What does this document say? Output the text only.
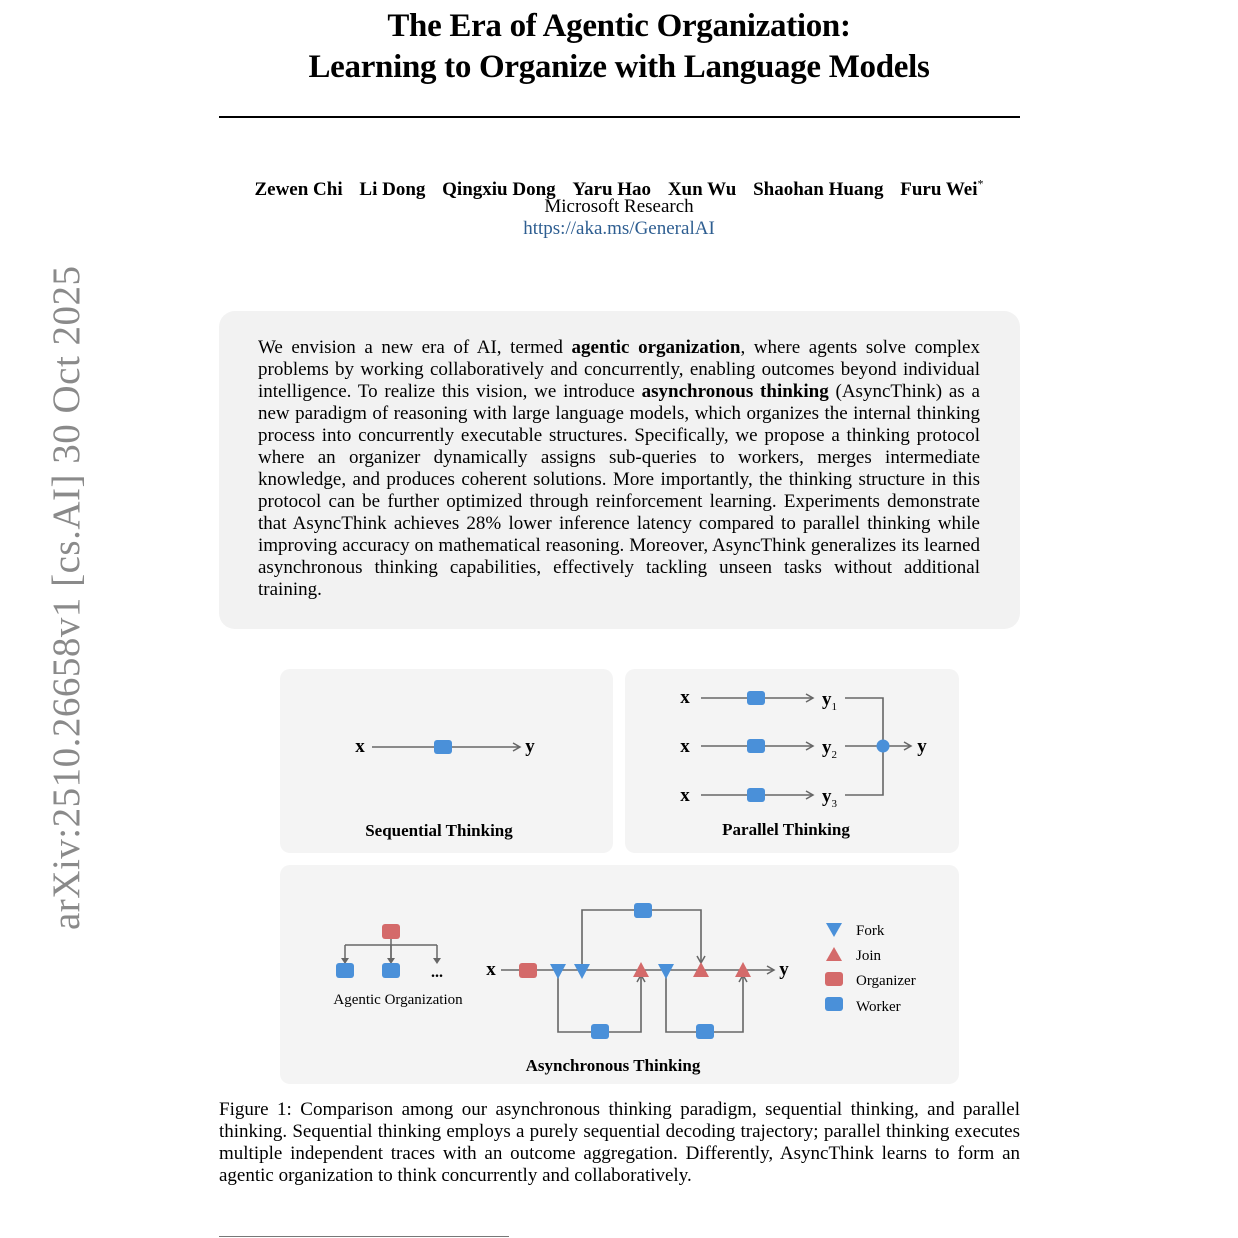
arXiv:2510.26658v1 [cs.AI] 30 Oct 2025
The Era of Agentic Organization:
Learning to Organize with Language Models
Zewen Chi Li Dong Qingxiu Dong Yaru Hao Xun Wu Shaohan Huang Furu Wei*
Microsoft Research
https://aka.ms/GeneralAI

We envision a new era of AI, termed agentic organization, where agents solve complex problems by working collaboratively and concurrently, enabling outcomes beyond individual intelligence. To realize this vision, we introduce asynchronous thinking (AsyncThink) as a new paradigm of reasoning with large language models, which organizes the internal thinking process into concurrently executable structures. Specifically, we propose a thinking protocol where an organizer dynamically assigns sub-queries to workers, merges intermediate knowledge, and produces coherent solutions. More importantly, the thinking structure in this protocol can be further optimized through reinforcement learning. Experiments demonstrate that AsyncThink achieves 28% lower inference latency compared to parallel thinking while improving accuracy on mathematical reasoning. Moreover, AsyncThink generalizes its learned asynchronous thinking capabilities, effectively tackling unseen tasks without additional training.

x	y
Sequential Thinking
x	$y_1$
x	$y_2$
x	$y_3$
y
Parallel Thinking
...
Agentic Organization
x	y
Fork
Join
Organizer
Worker
Asynchronous Thinking
Figure 1: Comparison among our asynchronous thinking paradigm, sequential thinking, and parallel thinking. Sequential thinking employs a purely sequential decoding trajectory; parallel thinking executes multiple independent traces with an outcome aggregation. Differently, AsyncThink learns to form an agentic organization to think concurrently and collaboratively.
